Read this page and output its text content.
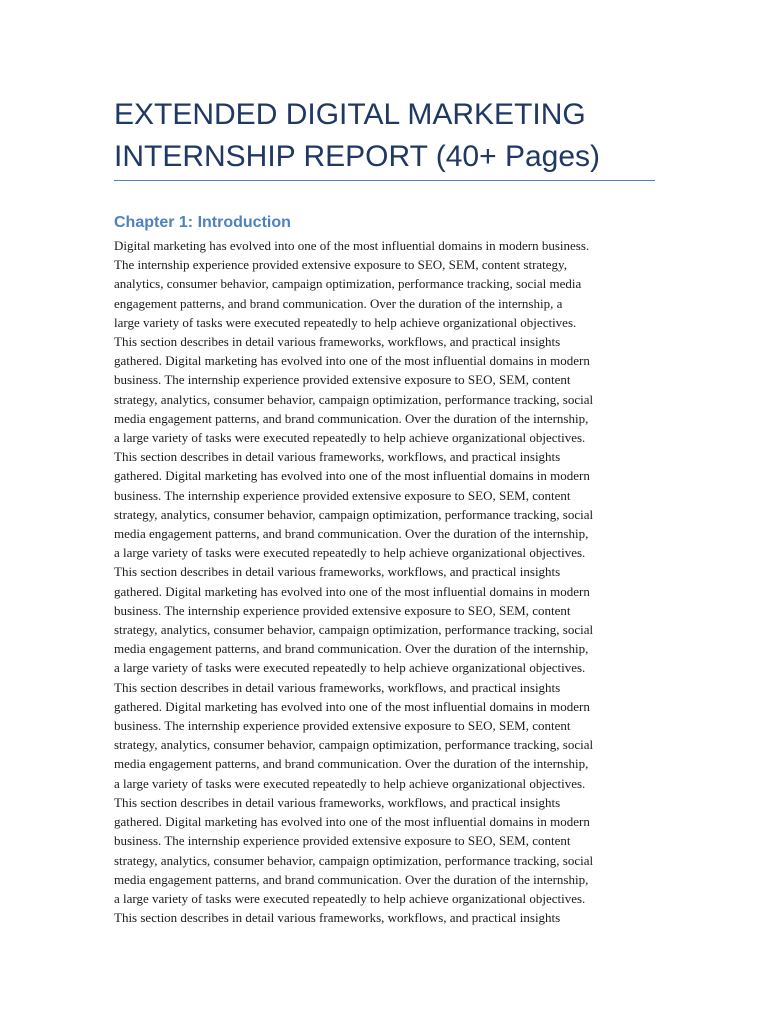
EXTENDED DIGITAL MARKETING
INTERNSHIP REPORT (40+ Pages)
Chapter 1: Introduction

Digital marketing has evolved into one of the most influential domains in modern business.
The internship experience provided extensive exposure to SEO, SEM, content strategy,
analytics, consumer behavior, campaign optimization, performance tracking, social media
engagement patterns, and brand communication. Over the duration of the internship, a
large variety of tasks were executed repeatedly to help achieve organizational objectives.
This section describes in detail various frameworks, workflows, and practical insights
gathered. Digital marketing has evolved into one of the most influential domains in modern
business. The internship experience provided extensive exposure to SEO, SEM, content
strategy, analytics, consumer behavior, campaign optimization, performance tracking, social
media engagement patterns, and brand communication. Over the duration of the internship,
a large variety of tasks were executed repeatedly to help achieve organizational objectives.
This section describes in detail various frameworks, workflows, and practical insights
gathered. Digital marketing has evolved into one of the most influential domains in modern
business. The internship experience provided extensive exposure to SEO, SEM, content
strategy, analytics, consumer behavior, campaign optimization, performance tracking, social
media engagement patterns, and brand communication. Over the duration of the internship,
a large variety of tasks were executed repeatedly to help achieve organizational objectives.
This section describes in detail various frameworks, workflows, and practical insights
gathered. Digital marketing has evolved into one of the most influential domains in modern
business. The internship experience provided extensive exposure to SEO, SEM, content
strategy, analytics, consumer behavior, campaign optimization, performance tracking, social
media engagement patterns, and brand communication. Over the duration of the internship,
a large variety of tasks were executed repeatedly to help achieve organizational objectives.
This section describes in detail various frameworks, workflows, and practical insights
gathered. Digital marketing has evolved into one of the most influential domains in modern
business. The internship experience provided extensive exposure to SEO, SEM, content
strategy, analytics, consumer behavior, campaign optimization, performance tracking, social
media engagement patterns, and brand communication. Over the duration of the internship,
a large variety of tasks were executed repeatedly to help achieve organizational objectives.
This section describes in detail various frameworks, workflows, and practical insights
gathered. Digital marketing has evolved into one of the most influential domains in modern
business. The internship experience provided extensive exposure to SEO, SEM, content
strategy, analytics, consumer behavior, campaign optimization, performance tracking, social
media engagement patterns, and brand communication. Over the duration of the internship,
a large variety of tasks were executed repeatedly to help achieve organizational objectives.
This section describes in detail various frameworks, workflows, and practical insights
